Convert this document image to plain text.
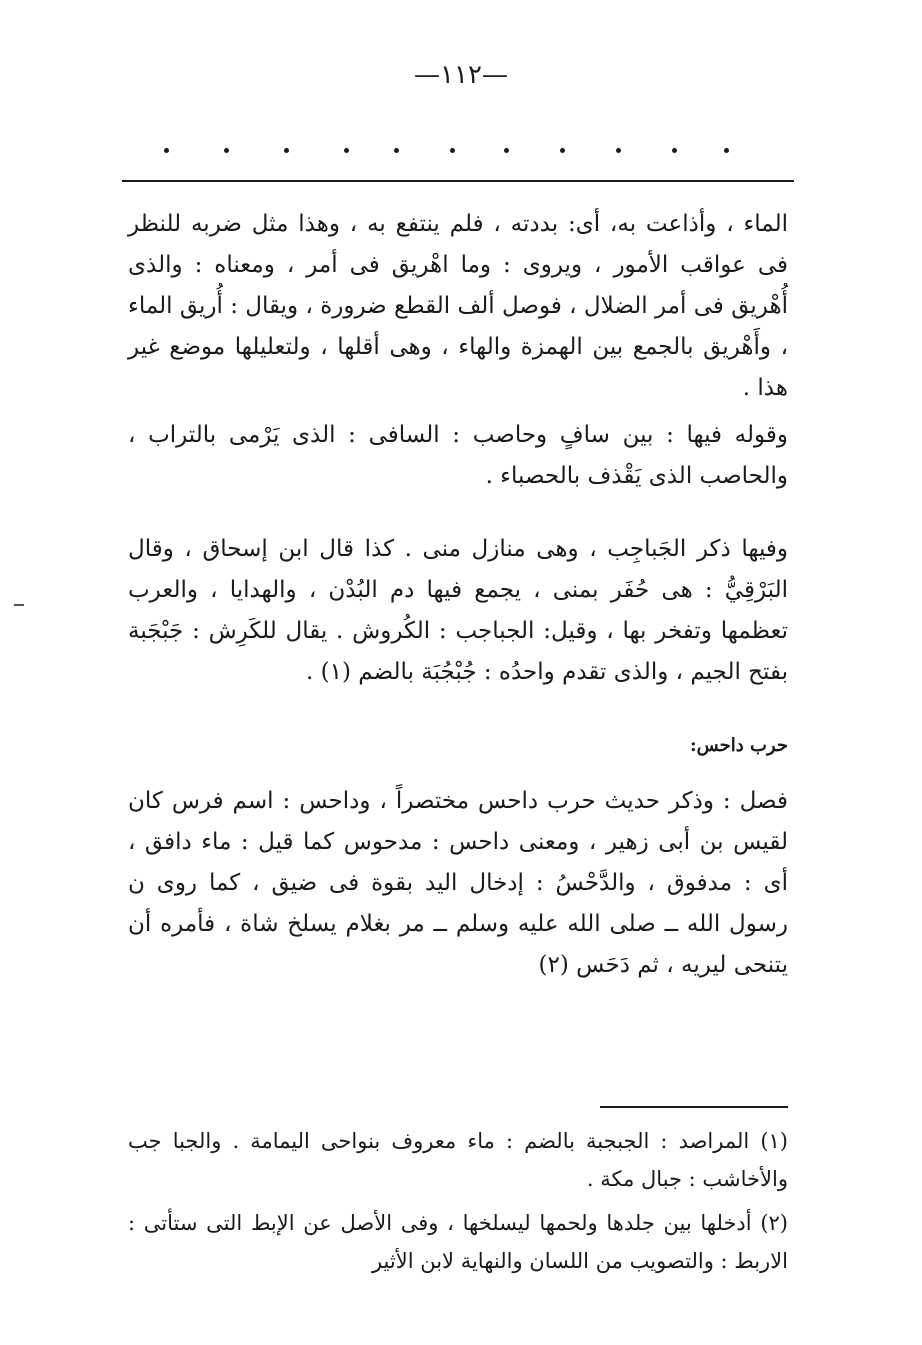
—١١٢—

الماء ، وأذاعت به، أى: بددته ، فلم ينتفع به ، وهذا مثل ضربه للنظر فى عواقب الأمور ، ويروى : وما اهْريق فى أمر ، ومعناه : والذى أُهْريق فى أمر الضلال ، فوصل ألف القطع ضرورة ، ويقال : أُريق الماء ، وأَهْريق بالجمع بين الهمزة والهاء ، وهى أقلها ، ولتعليلها موضع غير هذا .

وقوله فيها : بين سافٍ وحاصب : السافى : الذى يَرْمى بالتراب ، والحاصب الذى يَقْذف بالحصباء .

وفيها ذكر الجَباجِب ، وهى منازل منى . كذا قال ابن إسحاق ، وقال البَرْقِيُّ : هى حُفَر بمنى ، يجمع فيها دم البُدْن ، والهدايا ، والعرب تعظمها وتفخر بها ، وقيل: الجباجب : الكُروش . يقال للكَرِش : جَبْجَبة بفتح الجيم ، والذى تقدم واحدُه : جُبْجُبَة بالضم (١) .

حرب داحس:

فصل : وذكر حديث حرب داحس مختصراً ، وداحس : اسم فرس كان لقيس بن أبى زهير ، ومعنى داحس : مدحوس كما قيل : ماء دافق ، أى : مدفوق ، والدَّحْسُ : إدخال اليد بقوة فى ضيق ، كما روى ن رسول الله ــ صلى الله عليه وسلم ــ مر بغلام يسلخ شاة ، فأمره أن يتنحى ليريه ، ثم دَحَس (٢)

(١) المراصد : الجبجبة بالضم : ماء معروف بنواحى اليمامة . والجبا جب والأخاشب : جبال مكة .

(٢) أدخلها بين جلدها ولحمها ليسلخها ، وفى الأصل عن الإبط التى ستأتى : الاربط : والتصويب من اللسان والنهاية لابن الأثير
